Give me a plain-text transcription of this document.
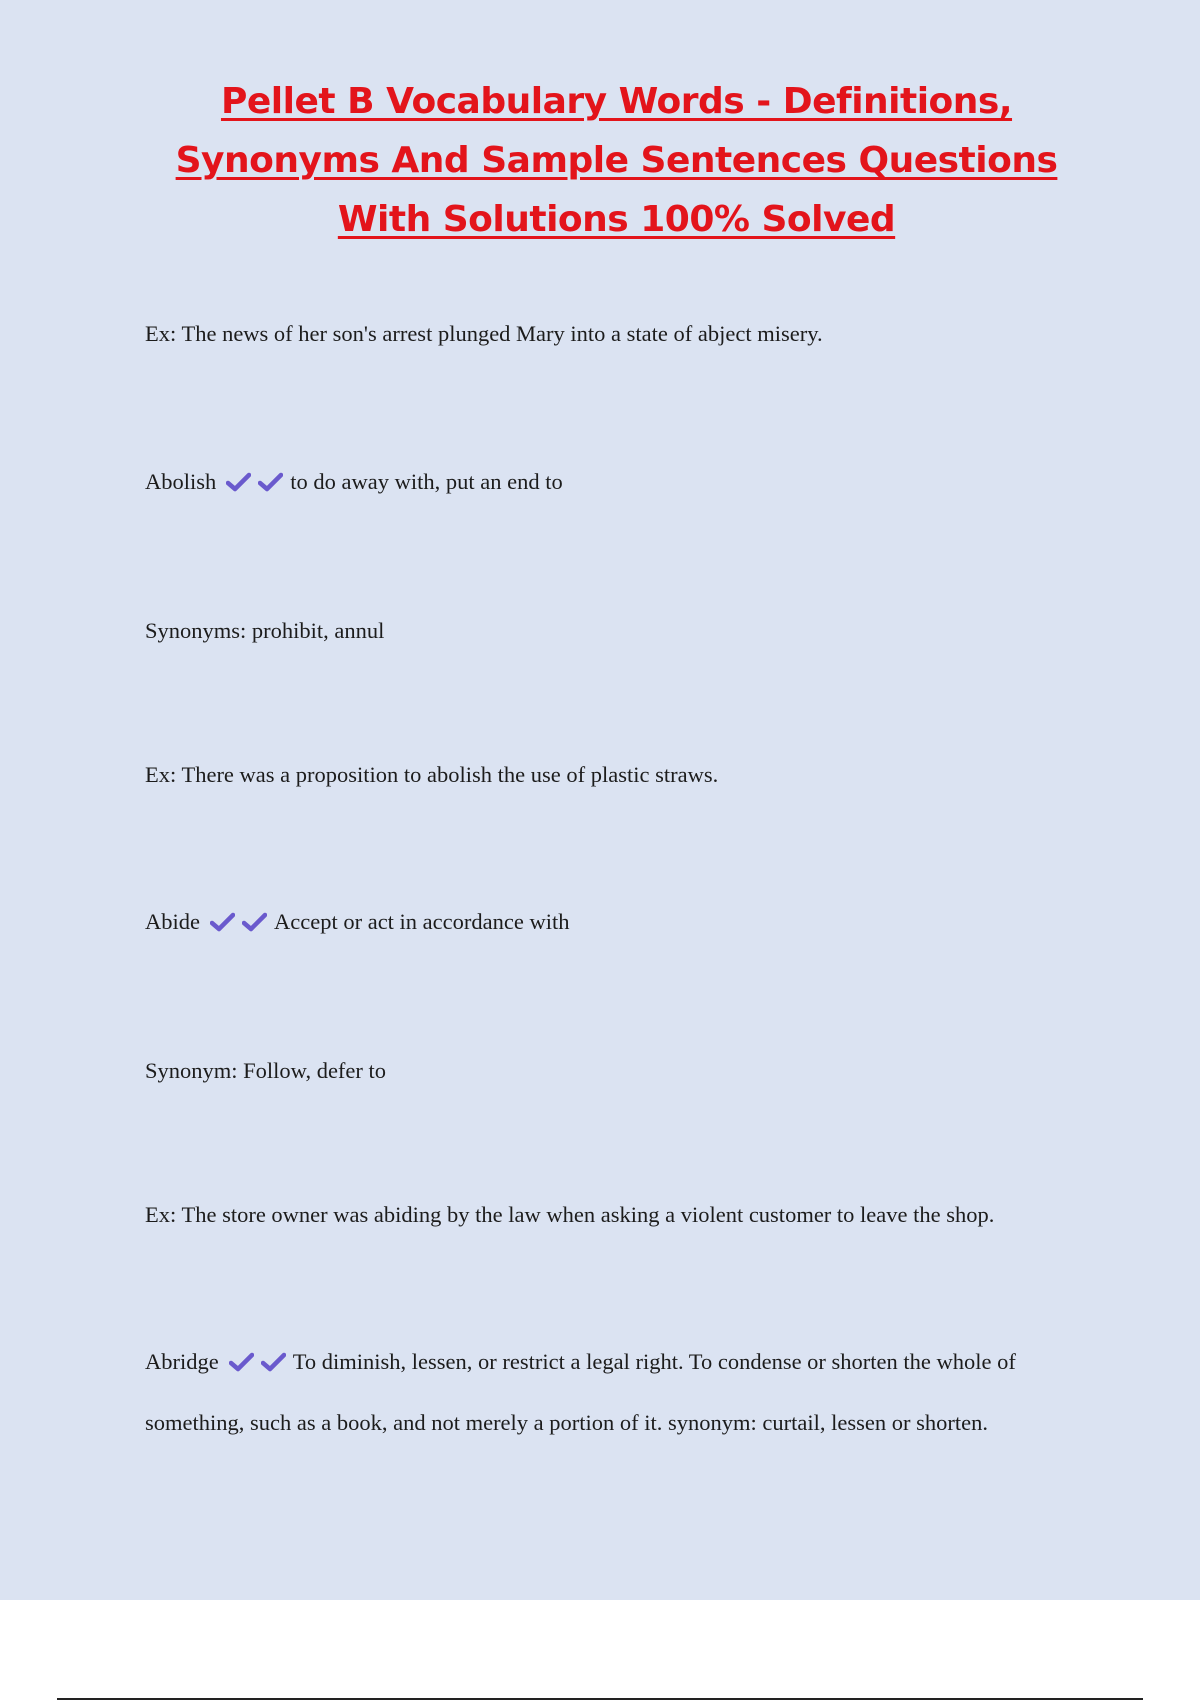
Pellet B Vocabulary Words - Definitions,
Synonyms And Sample Sentences Questions
With Solutions 100% Solved
Ex: The news of her son's arrest plunged Mary into a state of abject misery.
Abolish	to do away with, put an end to
Synonyms: prohibit, annul
Ex: There was a proposition to abolish the use of plastic straws.
Abide	Accept or act in accordance with
Synonym: Follow, defer to
Ex: The store owner was abiding by the law when asking a violent customer to leave the shop.
Abridge	To diminish, lessen, or restrict a legal right. To condense or shorten the whole of
something, such as a book, and not merely a portion of it. synonym: curtail, lessen or shorten.
